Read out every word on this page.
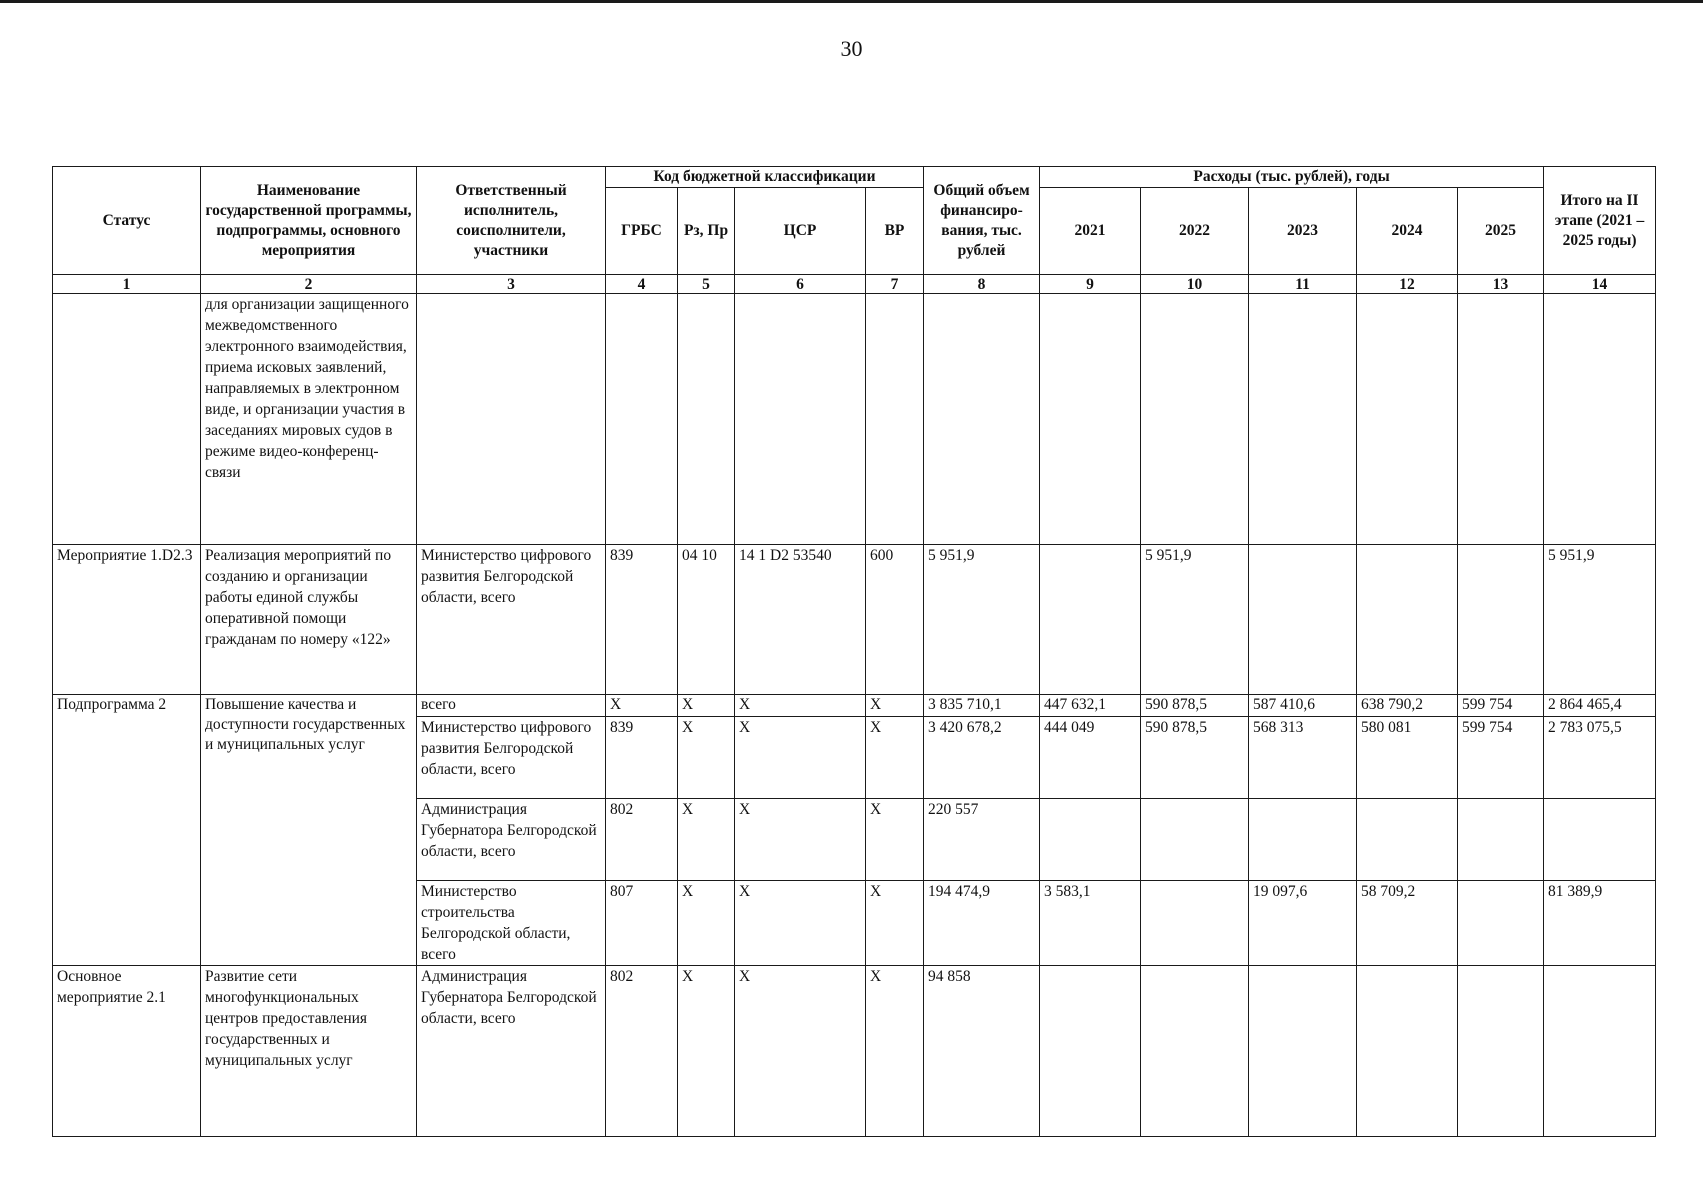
30
Статус	Наименование государственной программы, подпрограммы, основного мероприятия	Ответственный исполнитель, соисполнители, участники	Код бюджетной классификации				Общий объем финансиро-вания, тыс. рублей	Расходы (тыс. рублей), годы					Итого на II этапе (2021 – 2025 годы)
			ГРБС	Рз, Пр	ЦСР	ВР		2021	2022	2023	2024	2025	
1	2	3	4	5	6	7	8	9	10	11	12	13	14
	для организации защищенного межведомственного электронного взаимодействия, приема исковых заявлений, направляемых в электронном виде, и организации участия в заседаниях мировых судов в режиме видео-конференц-связи												
Мероприятие 1.D2.3	Реализация мероприятий по созданию и организации работы единой службы оперативной помощи гражданам по номеру «122»	Министерство цифрового развития Белгородской области, всего	839	04 10	14 1 D2 53540	600	5 951,9		5 951,9				5 951,9
Подпрограмма 2	Повышение качества и доступности государственных и муниципальных услуг	всего	Х	Х	Х	Х	3 835 710,1	447 632,1	590 878,5	587 410,6	638 790,2	599 754	2 864 465,4
		Министерство цифрового развития Белгородской области, всего	839	Х	Х	Х	3 420 678,2	444 049	590 878,5	568 313	580 081	599 754	2 783 075,5
		Администрация Губернатора Белгородской области, всего	802	Х	Х	Х	220 557						
		Министерство строительства Белгородской области, всего	807	Х	Х	Х	194 474,9	3 583,1		19 097,6	58 709,2		81 389,9
Основное мероприятие 2.1	Развитие сети многофункциональных центров предоставления государственных и муниципальных услуг	Администрация Губернатора Белгородской области, всего	802	Х	Х	Х	94 858						
